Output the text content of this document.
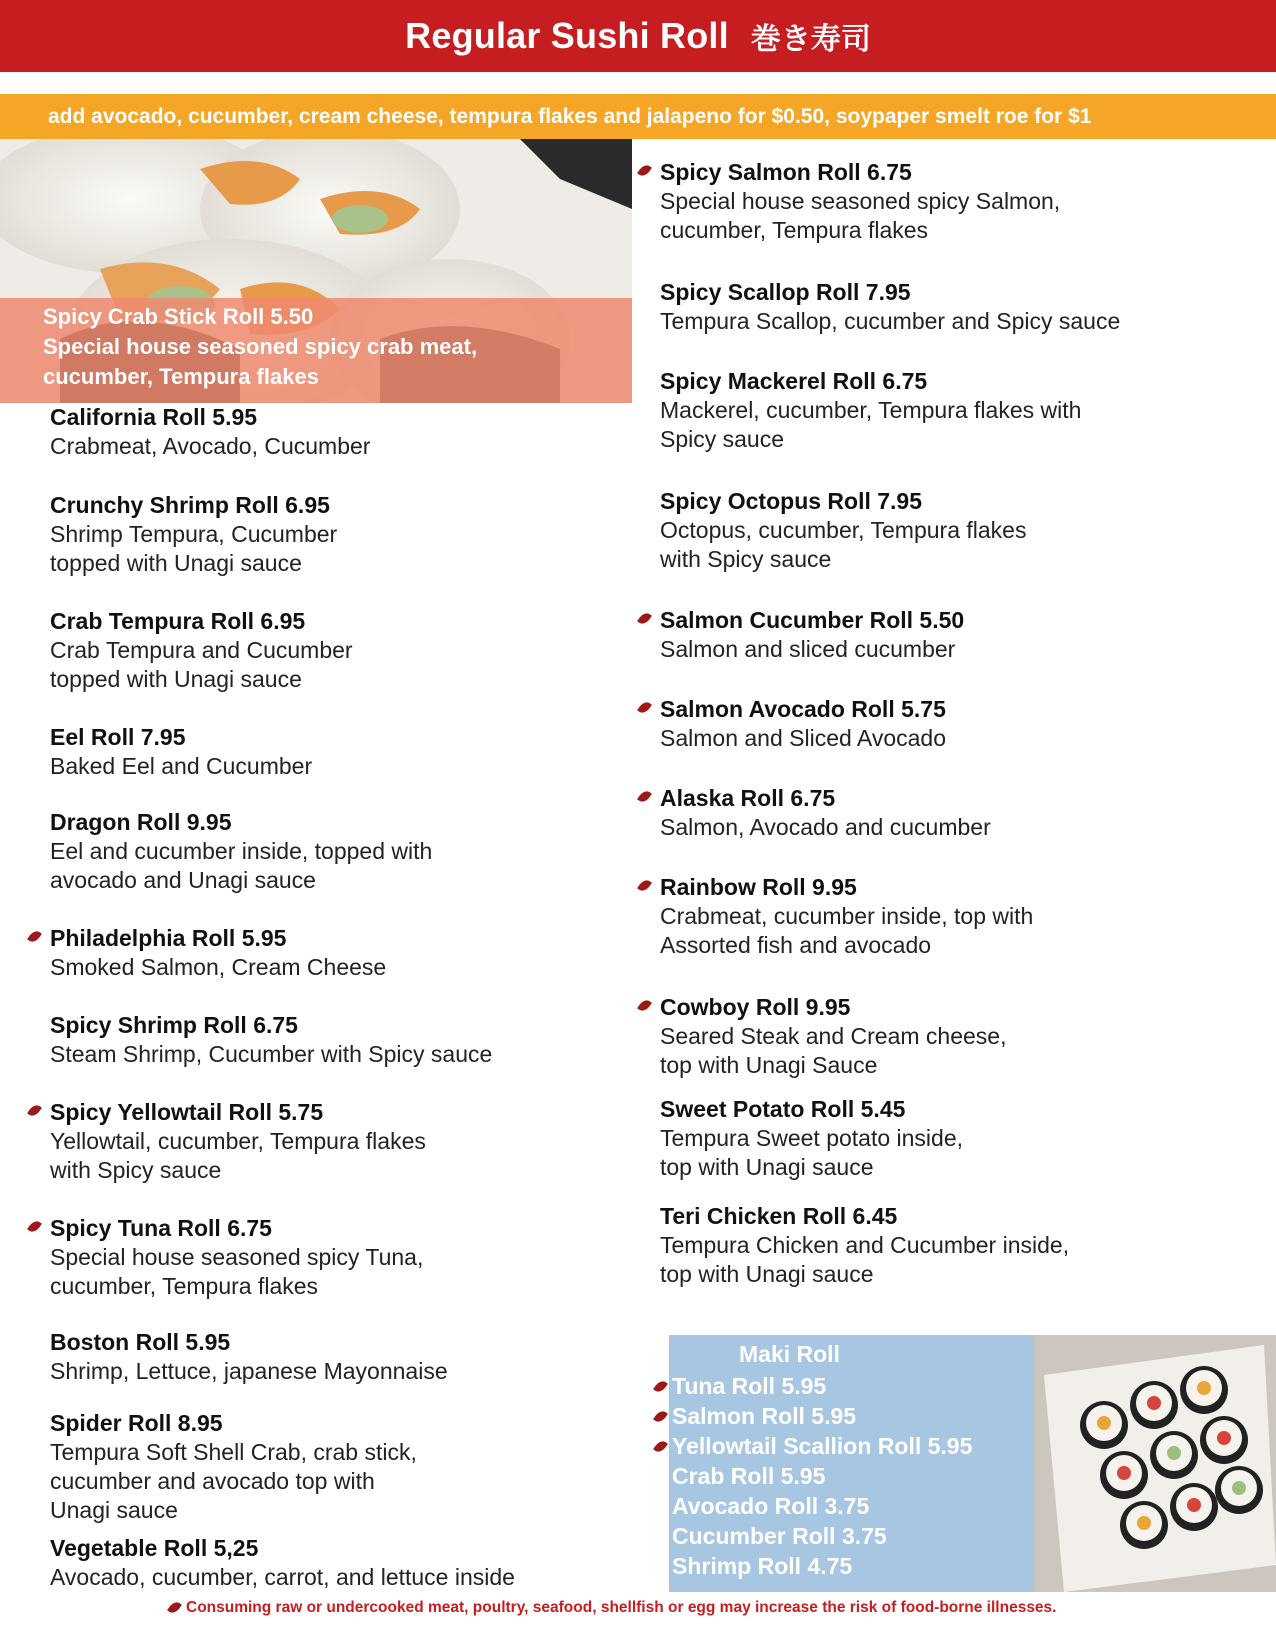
Regular Sushi Roll 巻き寿司
add avocado, cucumber, cream cheese, tempura flakes and jalapeno for $0.50, soypaper smelt roe for $1
Spicy Crab Stick Roll 5.50
Special house seasoned spicy crab meat,
cucumber, Tempura flakes
California Roll 5.95
Crabmeat, Avocado, Cucumber
Crunchy Shrimp Roll 6.95
Shrimp Tempura, Cucumber
topped with Unagi sauce
Crab Tempura Roll 6.95
Crab Tempura and Cucumber
topped with Unagi sauce
Eel Roll 7.95
Baked Eel and Cucumber
Dragon Roll 9.95
Eel and cucumber inside, topped with
avocado and Unagi sauce
Philadelphia Roll 5.95
Smoked Salmon, Cream Cheese
Spicy Shrimp Roll 6.75
Steam Shrimp, Cucumber with Spicy sauce
Spicy Yellowtail Roll 5.75
Yellowtail, cucumber, Tempura flakes
with Spicy sauce
Spicy Tuna Roll 6.75
Special house seasoned spicy Tuna,
cucumber, Tempura flakes
Boston Roll 5.95
Shrimp, Lettuce, japanese Mayonnaise
Spider Roll 8.95
Tempura Soft Shell Crab, crab stick,
cucumber and avocado top with
Unagi sauce
Vegetable Roll 5,25
Avocado, cucumber, carrot, and lettuce inside
Spicy Salmon Roll 6.75
Special house seasoned spicy Salmon,
cucumber, Tempura flakes
Spicy Scallop Roll 7.95
Tempura Scallop, cucumber and Spicy sauce
Spicy Mackerel Roll 6.75
Mackerel, cucumber, Tempura flakes with
Spicy sauce
Spicy Octopus Roll 7.95
Octopus, cucumber, Tempura flakes
with Spicy sauce
Salmon Cucumber Roll 5.50
Salmon and sliced cucumber
Salmon Avocado Roll 5.75
Salmon and Sliced Avocado
Alaska Roll 6.75
Salmon, Avocado and cucumber
Rainbow Roll 9.95
Crabmeat, cucumber inside, top with
Assorted fish and avocado
Cowboy Roll 9.95
Seared Steak and Cream cheese,
top with Unagi Sauce
Sweet Potato Roll 5.45
Tempura Sweet potato inside,
top with Unagi sauce
Teri Chicken Roll 6.45
Tempura Chicken and Cucumber inside,
top with Unagi sauce
Maki Roll
Tuna Roll 5.95
Salmon Roll 5.95
Yellowtail Scallion Roll 5.95
Crab Roll 5.95
Avocado Roll 3.75
Cucumber Roll 3.75
Shrimp Roll 4.75
Consuming raw or undercooked meat, poultry, seafood, shellfish or egg may increase the risk of food-borne illnesses.
